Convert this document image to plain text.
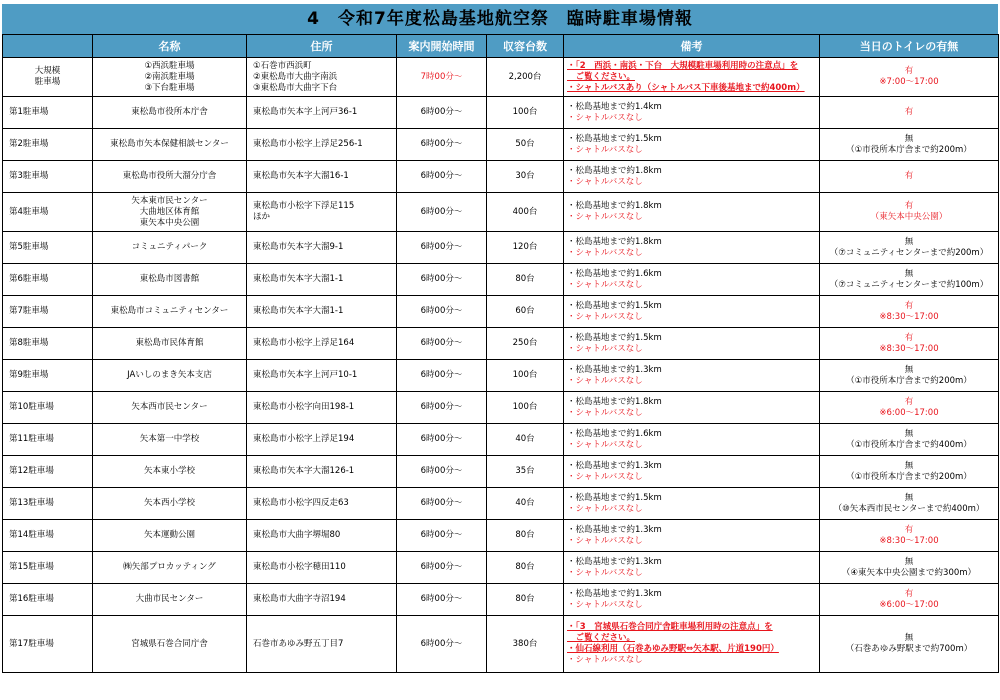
4　令和7年度松島基地航空祭　臨時駐車場情報
	名称	住所	案内開始時間	収容台数	備考	当日のトイレの有無

大規模
駐車場	①西浜駐車場
②南浜駐車場
③下台駐車場	①石巻市西浜町
②東松島市大曲字南浜
③東松島市大曲字下台	7時00分～	2,200台	・「2　西浜・南浜・下台　大規模駐車場利用時の注意点」を
　ご覧ください。
・シャトルバスあり（シャトルバス下車後基地まで約400m）	有
※7:00～17:00

第1駐車場	東松島市役所本庁舎	東松島市矢本字上河戸36-1	6時00分～	100台	・松島基地まで約1.4km
・シャトルバスなし	有

第2駐車場	東松島市矢本保健相談センター	東松島市小松字上浮足256-1	6時00分～	50台	・松島基地まで約1.5km
・シャトルバスなし	無
（①市役所本庁舎まで約200m）

第3駐車場	東松島市役所大溜分庁舎	東松島市矢本字大溜16-1	6時00分～	30台	・松島基地まで約1.8km
・シャトルバスなし	有

第4駐車場	矢本東市民センター
大曲地区体育館
東矢本中央公園	東松島市小松字下浮足115
ほか	6時00分～	400台	・松島基地まで約1.8km
・シャトルバスなし	有
（東矢本中央公園）

第5駐車場	コミュニティパーク	東松島市矢本字大溜9-1	6時00分～	120台	・松島基地まで約1.8km
・シャトルバスなし	無
（⑦コミュニティセンターまで約200m）

第6駐車場	東松島市図書館	東松島市矢本字大溜1-1	6時00分～	80台	・松島基地まで約1.6km
・シャトルバスなし	無
（⑦コミュニティセンターまで約100m）

第7駐車場	東松島市コミュニティセンター	東松島市矢本字大溜1-1	6時00分～	60台	・松島基地まで約1.5km
・シャトルバスなし	有
※8:30～17:00

第8駐車場	東松島市民体育館	東松島市小松字上浮足164	6時00分～	250台	・松島基地まで約1.5km
・シャトルバスなし	有
※8:30～17:00

第9駐車場	JAいしのまき矢本支店	東松島市矢本字上河戸10-1	6時00分～	100台	・松島基地まで約1.3km
・シャトルバスなし	無
（①市役所本庁舎まで約200m）

第10駐車場	矢本西市民センター	東松島市小松字向田198-1	6時00分～	100台	・松島基地まで約1.8km
・シャトルバスなし	有
※6:00～17:00

第11駐車場	矢本第一中学校	東松島市小松字上浮足194	6時00分～	40台	・松島基地まで約1.6km
・シャトルバスなし	無
（①市役所本庁舎まで約400m）

第12駐車場	矢本東小学校	東松島市矢本字大溜126-1	6時00分～	35台	・松島基地まで約1.3km
・シャトルバスなし	無
（①市役所本庁舎まで約200m）

第13駐車場	矢本西小学校	東松島市小松字四反走63	6時00分～	40台	・松島基地まで約1.5km
・シャトルバスなし	無
（⑩矢本西市民センターまで約400m）

第14駐車場	矢本運動公園	東松島市大曲字堺堀80	6時00分～	80台	・松島基地まで約1.3km
・シャトルバスなし	有
※8:30～17:00

第15駐車場	㈱矢部プロカッティング	東松島市小松字穂田110	6時00分～	80台	・松島基地まで約1.3km
・シャトルバスなし	無
（④東矢本中央公園まで約300m）

第16駐車場	大曲市民センター	東松島市大曲字寺沼194	6時00分～	80台	・松島基地まで約1.3km
・シャトルバスなし	有
※6:00～17:00

第17駐車場	宮城県石巻合同庁舎	石巻市あゆみ野五丁目7	6時00分～	380台	・「3　宮城県石巻合同庁舎駐車場利用時の注意点」を
　ご覧ください。
・仙石線利用（石巻あゆみ野駅⇔矢本駅、片道190円）
・シャトルバスなし	無
（石巻あゆみ野駅まで約700m）
